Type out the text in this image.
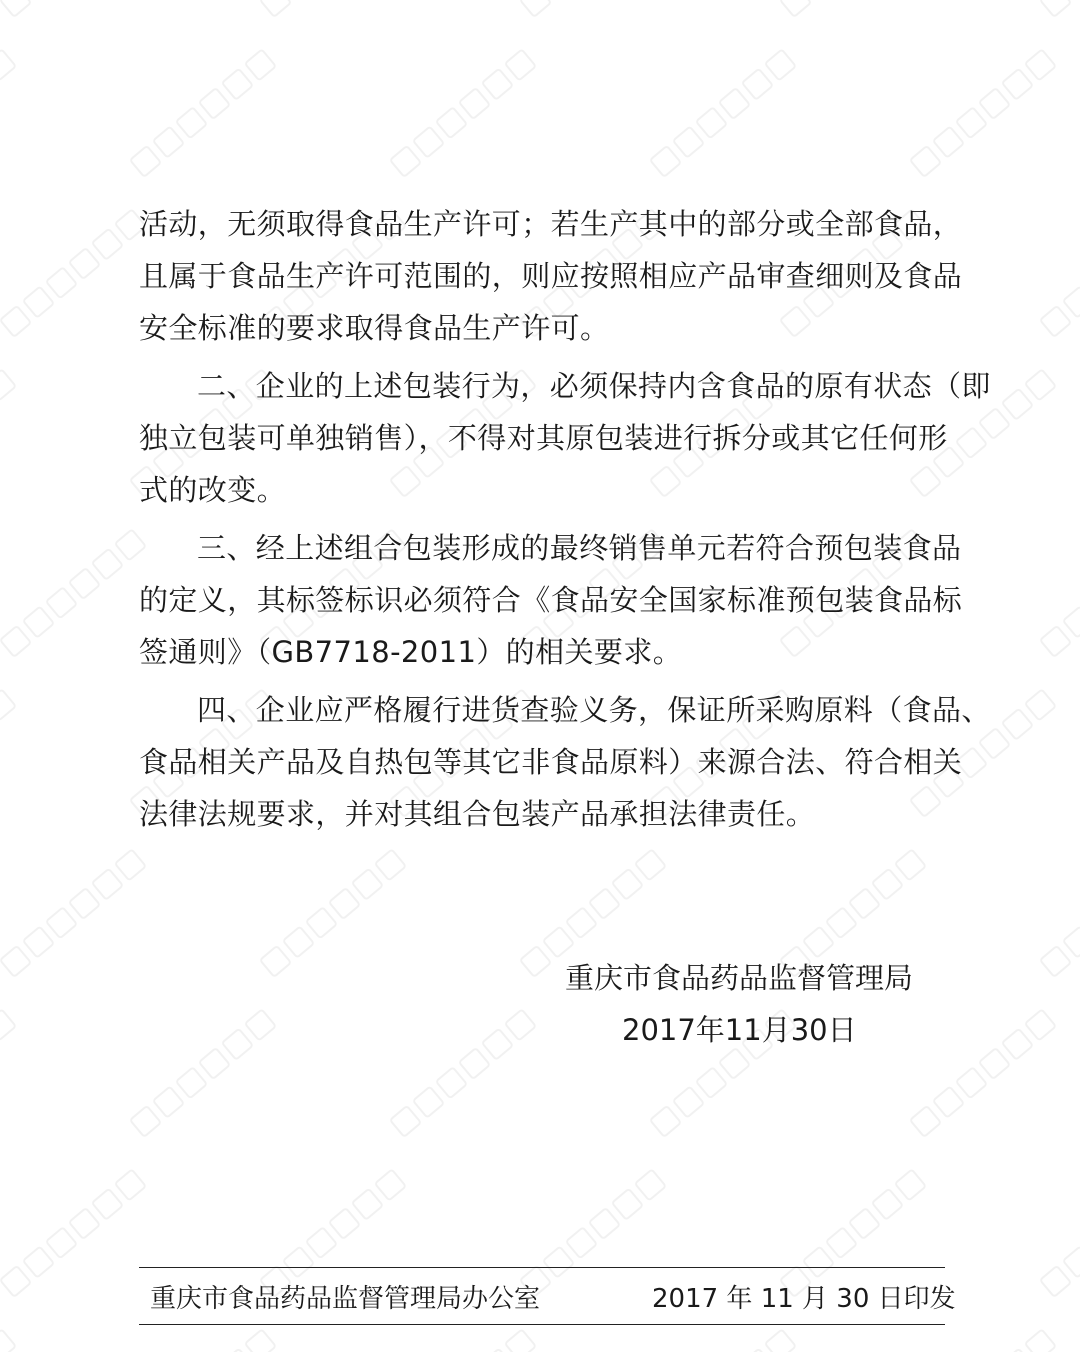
活动，无须取得食品生产许可；若生产其中的部分或全部食品，
且属于食品生产许可范围的，则应按照相应产品审查细则及食品
安全标准的要求取得食品生产许可。
二、企业的上述包装行为，必须保持内含食品的原有状态（即
独立包装可单独销售），不得对其原包装进行拆分或其它任何形
式的改变。
三、经上述组合包装形成的最终销售单元若符合预包装食品
的定义，其标签标识必须符合《食品安全国家标准预包装食品标
签通则》（GB7718-2011）的相关要求。
四、企业应严格履行进货查验义务，保证所采购原料（食品、
食品相关产品及自热包等其它非食品原料）来源合法、符合相关
法律法规要求，并对其组合包装产品承担法律责任。
重庆市食品药品监督管理局
2017年11月30日
重庆市食品药品监督管理局办公室	2017 年 11 月 30 日印发
